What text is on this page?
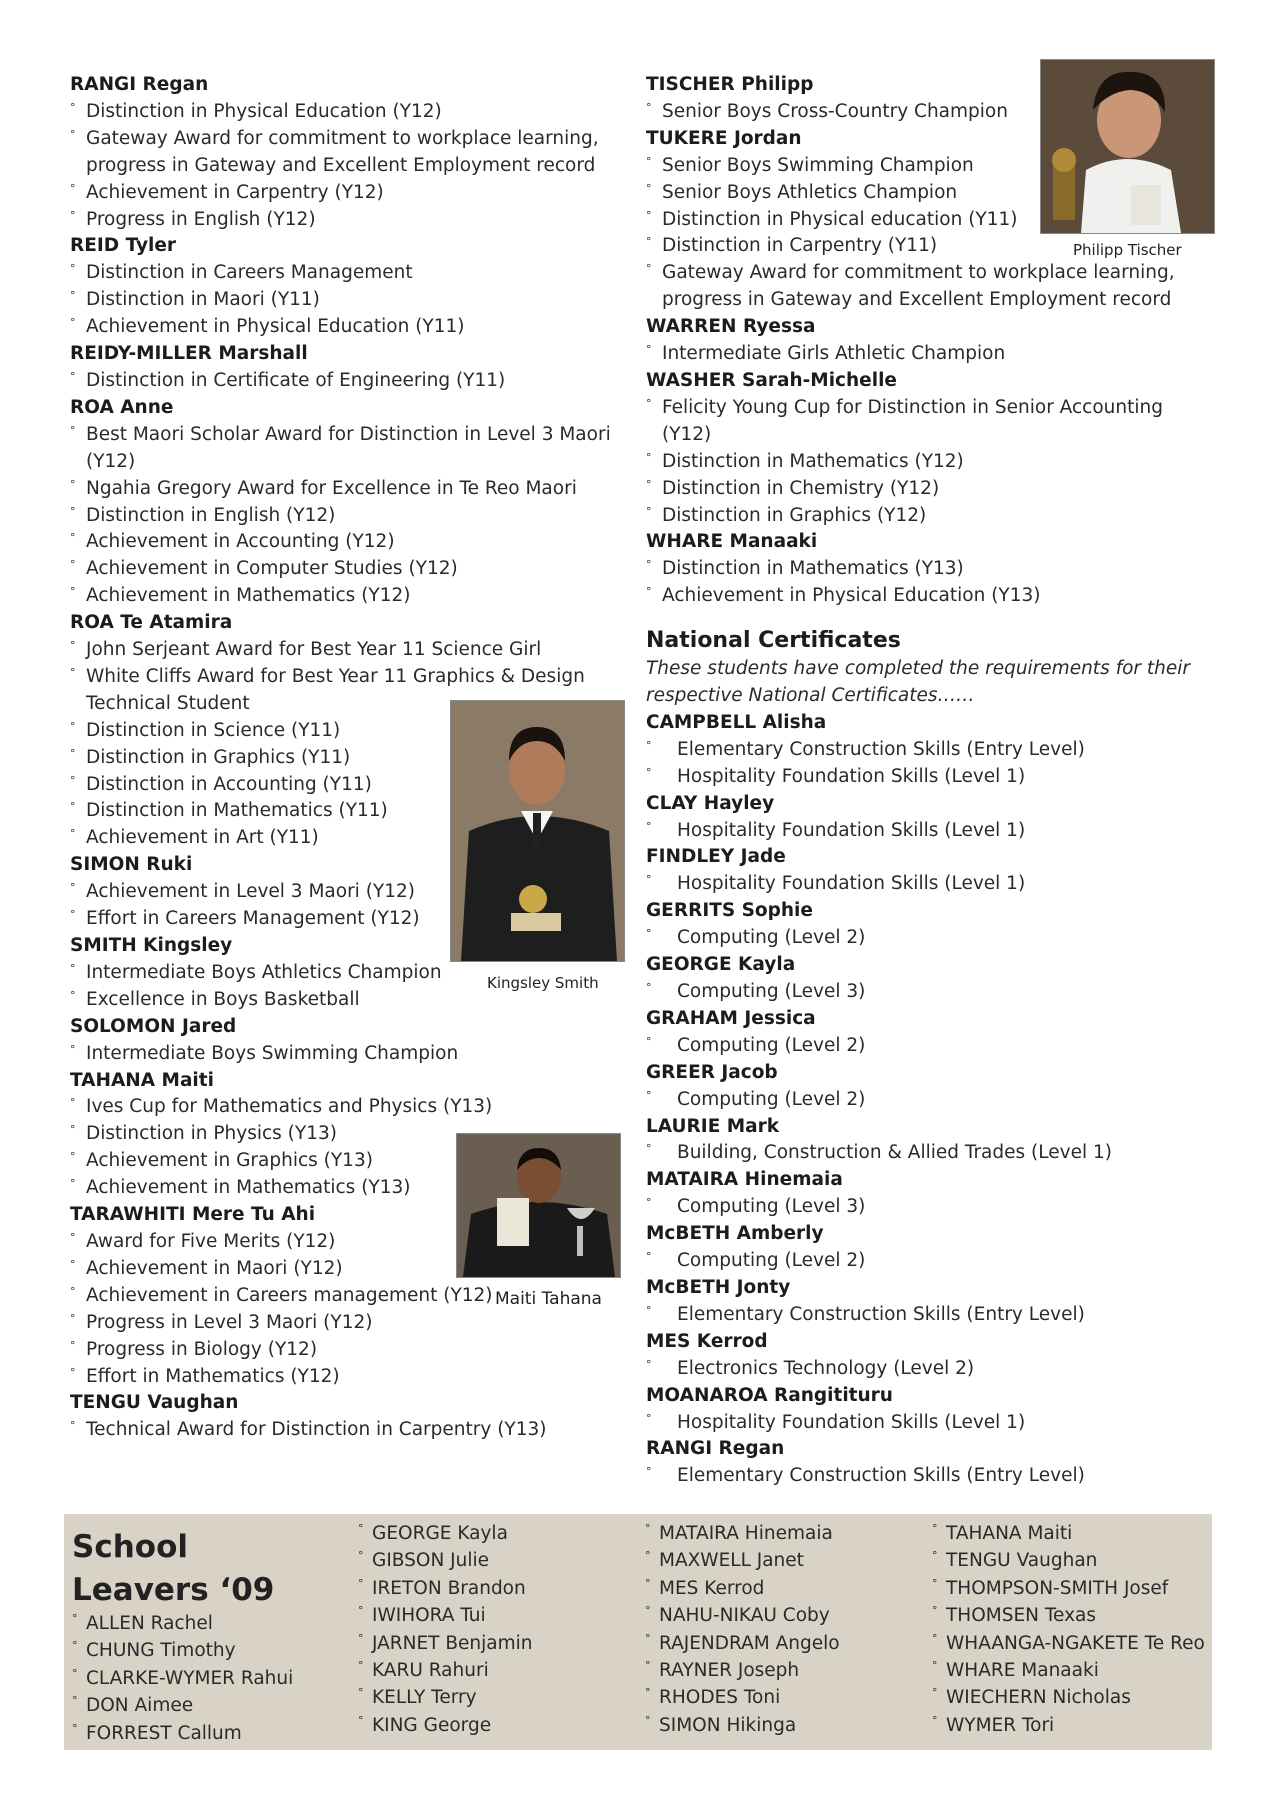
RANGI Regan
° Distinction in Physical Education (Y12)
° Gateway Award for commitment to workplace learning, progress in Gateway and Excellent Employment record
° Achievement in Carpentry (Y12)
° Progress in English (Y12)
REID Tyler
° Distinction in Careers Management
° Distinction in Maori (Y11)
° Achievement in Physical Education (Y11)
REIDY-MILLER Marshall
° Distinction in Certificate of Engineering (Y11)
ROA Anne
° Best Maori Scholar Award for Distinction in Level 3 Maori (Y12)
° Ngahia Gregory Award for Excellence in Te Reo Maori
° Distinction in English (Y12)
° Achievement in Accounting (Y12)
° Achievement in Computer Studies (Y12)
° Achievement in Mathematics (Y12)
ROA Te Atamira
° John Serjeant Award for Best Year 11 Science Girl
° White Cliffs Award for Best Year 11 Graphics & Design Technical Student
° Distinction in Science (Y11)
° Distinction in Graphics (Y11)
° Distinction in Accounting (Y11)
° Distinction in Mathematics (Y11)
° Achievement in Art (Y11)
SIMON Ruki
° Achievement in Level 3 Maori (Y12)
° Effort in Careers Management (Y12)
SMITH Kingsley
° Intermediate Boys Athletics Champion
° Excellence in Boys Basketball
SOLOMON Jared
° Intermediate Boys Swimming Champion
TAHANA Maiti
° Ives Cup for Mathematics and Physics (Y13)
° Distinction in Physics (Y13)
° Achievement in Graphics (Y13)
° Achievement in Mathematics (Y13)
TARAWHITI Mere Tu Ahi
° Award for Five Merits (Y12)
° Achievement in Maori (Y12)
° Achievement in Careers management (Y12)
° Progress in Level 3 Maori (Y12)
° Progress in Biology (Y12)
° Effort in Mathematics (Y12)
TENGU Vaughan
° Technical Award for Distinction in Carpentry (Y13)
TISCHER Philipp
° Senior Boys Cross-Country Champion
TUKERE Jordan
° Senior Boys Swimming Champion
° Senior Boys Athletics Champion
° Distinction in Physical education (Y11)
° Distinction in Carpentry (Y11)
° Gateway Award for commitment to workplace learning, progress in Gateway and Excellent Employment record
WARREN Ryessa
° Intermediate Girls Athletic Champion
WASHER Sarah-Michelle
° Felicity Young Cup for Distinction in Senior Accounting (Y12)
° Distinction in Mathematics (Y12)
° Distinction in Chemistry (Y12)
° Distinction in Graphics (Y12)
WHARE Manaaki
° Distinction in Mathematics (Y13)
° Achievement in Physical Education (Y13)
National Certificates
These students have completed the requirements for their respective National Certificates……
CAMPBELL Alisha
° Elementary Construction Skills (Entry Level)
° Hospitality Foundation Skills (Level 1)
CLAY Hayley
° Hospitality Foundation Skills (Level 1)
FINDLEY Jade
° Hospitality Foundation Skills (Level 1)
GERRITS Sophie
° Computing (Level 2)
GEORGE Kayla
° Computing (Level 3)
GRAHAM Jessica
° Computing (Level 2)
GREER Jacob
° Computing (Level 2)
LAURIE Mark
° Building, Construction & Allied Trades (Level 1)
MATAIRA Hinemaia
° Computing (Level 3)
McBETH Amberly
° Computing (Level 2)
McBETH Jonty
° Elementary Construction Skills (Entry Level)
MES Kerrod
° Electronics Technology (Level 2)
MOANAROA Rangitituru
° Hospitality Foundation Skills (Level 1)
RANGI Regan
° Elementary Construction Skills (Entry Level)
Philipp Tischer
Kingsley Smith
Maiti Tahana
School
Leavers ‘09
° ALLEN Rachel
° CHUNG Timothy
° CLARKE-WYMER Rahui
° DON Aimee
° FORREST Callum
° GEORGE Kayla
° GIBSON Julie
° IRETON Brandon
° IWIHORA Tui
° JARNET Benjamin
° KARU Rahuri
° KELLY Terry
° KING George
° MATAIRA Hinemaia
° MAXWELL Janet
° MES Kerrod
° NAHU-NIKAU Coby
° RAJENDRAM Angelo
° RAYNER Joseph
° RHODES Toni
° SIMON Hikinga
° TAHANA Maiti
° TENGU Vaughan
° THOMPSON-SMITH Josef
° THOMSEN Texas
° WHAANGA-NGAKETE Te Reo
° WHARE Manaaki
° WIECHERN Nicholas
° WYMER Tori
